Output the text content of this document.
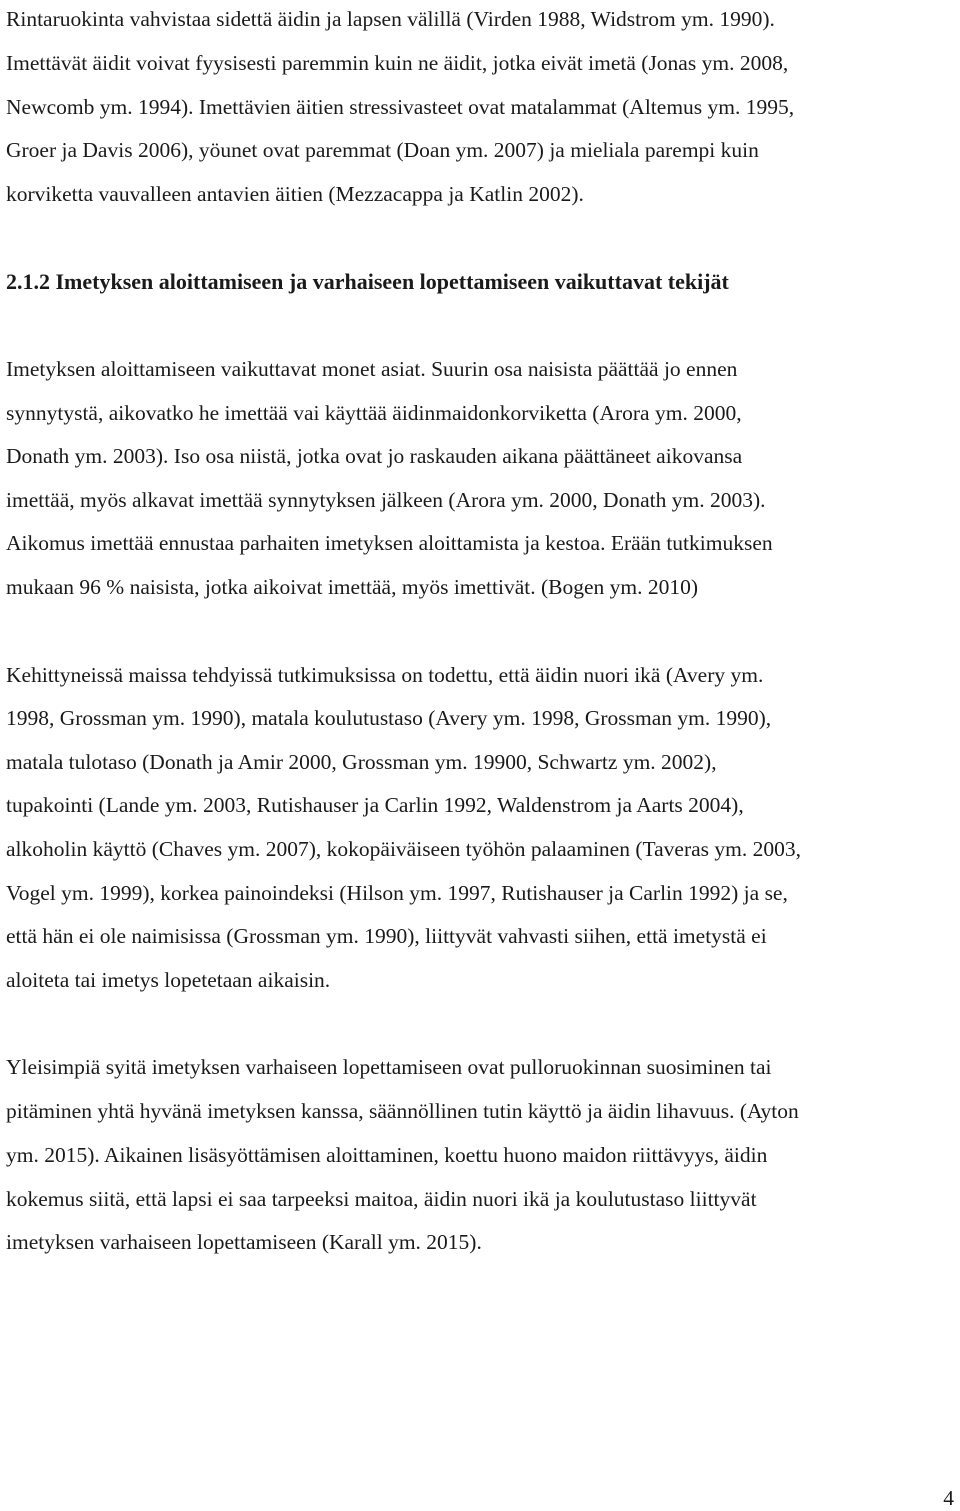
Rintaruokinta vahvistaa sidettä äidin ja lapsen välillä (Virden 1988, Widstrom ym. 1990).

Imettävät äidit voivat fyysisesti paremmin kuin ne äidit, jotka eivät imetä (Jonas ym. 2008,

Newcomb ym. 1994). Imettävien äitien stressivasteet ovat matalammat (Altemus ym. 1995,

Groer ja Davis 2006), yöunet ovat paremmat (Doan ym. 2007) ja mieliala parempi kuin

korviketta vauvalleen antavien äitien (Mezzacappa ja Katlin 2002).

2.1.2 Imetyksen aloittamiseen ja varhaiseen lopettamiseen vaikuttavat tekijät

Imetyksen aloittamiseen vaikuttavat monet asiat. Suurin osa naisista päättää jo ennen

synnytystä, aikovatko he imettää vai käyttää äidinmaidonkorviketta (Arora ym. 2000,

Donath ym. 2003). Iso osa niistä, jotka ovat jo raskauden aikana päättäneet aikovansa

imettää, myös alkavat imettää synnytyksen jälkeen (Arora ym. 2000, Donath ym. 2003).

Aikomus imettää ennustaa parhaiten imetyksen aloittamista ja kestoa. Erään tutkimuksen

mukaan 96 % naisista, jotka aikoivat imettää, myös imettivät. (Bogen ym. 2010)

Kehittyneissä maissa tehdyissä tutkimuksissa on todettu, että äidin nuori ikä (Avery ym.

1998, Grossman ym. 1990), matala koulutustaso (Avery ym. 1998, Grossman ym. 1990),

matala tulotaso (Donath ja Amir 2000, Grossman ym. 19900, Schwartz ym. 2002),

tupakointi (Lande ym. 2003, Rutishauser ja Carlin 1992, Waldenstrom ja Aarts 2004),

alkoholin käyttö (Chaves ym. 2007), kokopäiväiseen työhön palaaminen (Taveras ym. 2003,

Vogel ym. 1999), korkea painoindeksi (Hilson ym. 1997, Rutishauser ja Carlin 1992) ja se,

että hän ei ole naimisissa (Grossman ym. 1990), liittyvät vahvasti siihen, että imetystä ei

aloiteta tai imetys lopetetaan aikaisin.

Yleisimpiä syitä imetyksen varhaiseen lopettamiseen ovat pulloruokinnan suosiminen tai

pitäminen yhtä hyvänä imetyksen kanssa, säännöllinen tutin käyttö ja äidin lihavuus. (Ayton

ym. 2015). Aikainen lisäsyöttämisen aloittaminen, koettu huono maidon riittävyys, äidin

kokemus siitä, että lapsi ei saa tarpeeksi maitoa, äidin nuori ikä ja koulutustaso liittyvät

imetyksen varhaiseen lopettamiseen (Karall ym. 2015).

4
